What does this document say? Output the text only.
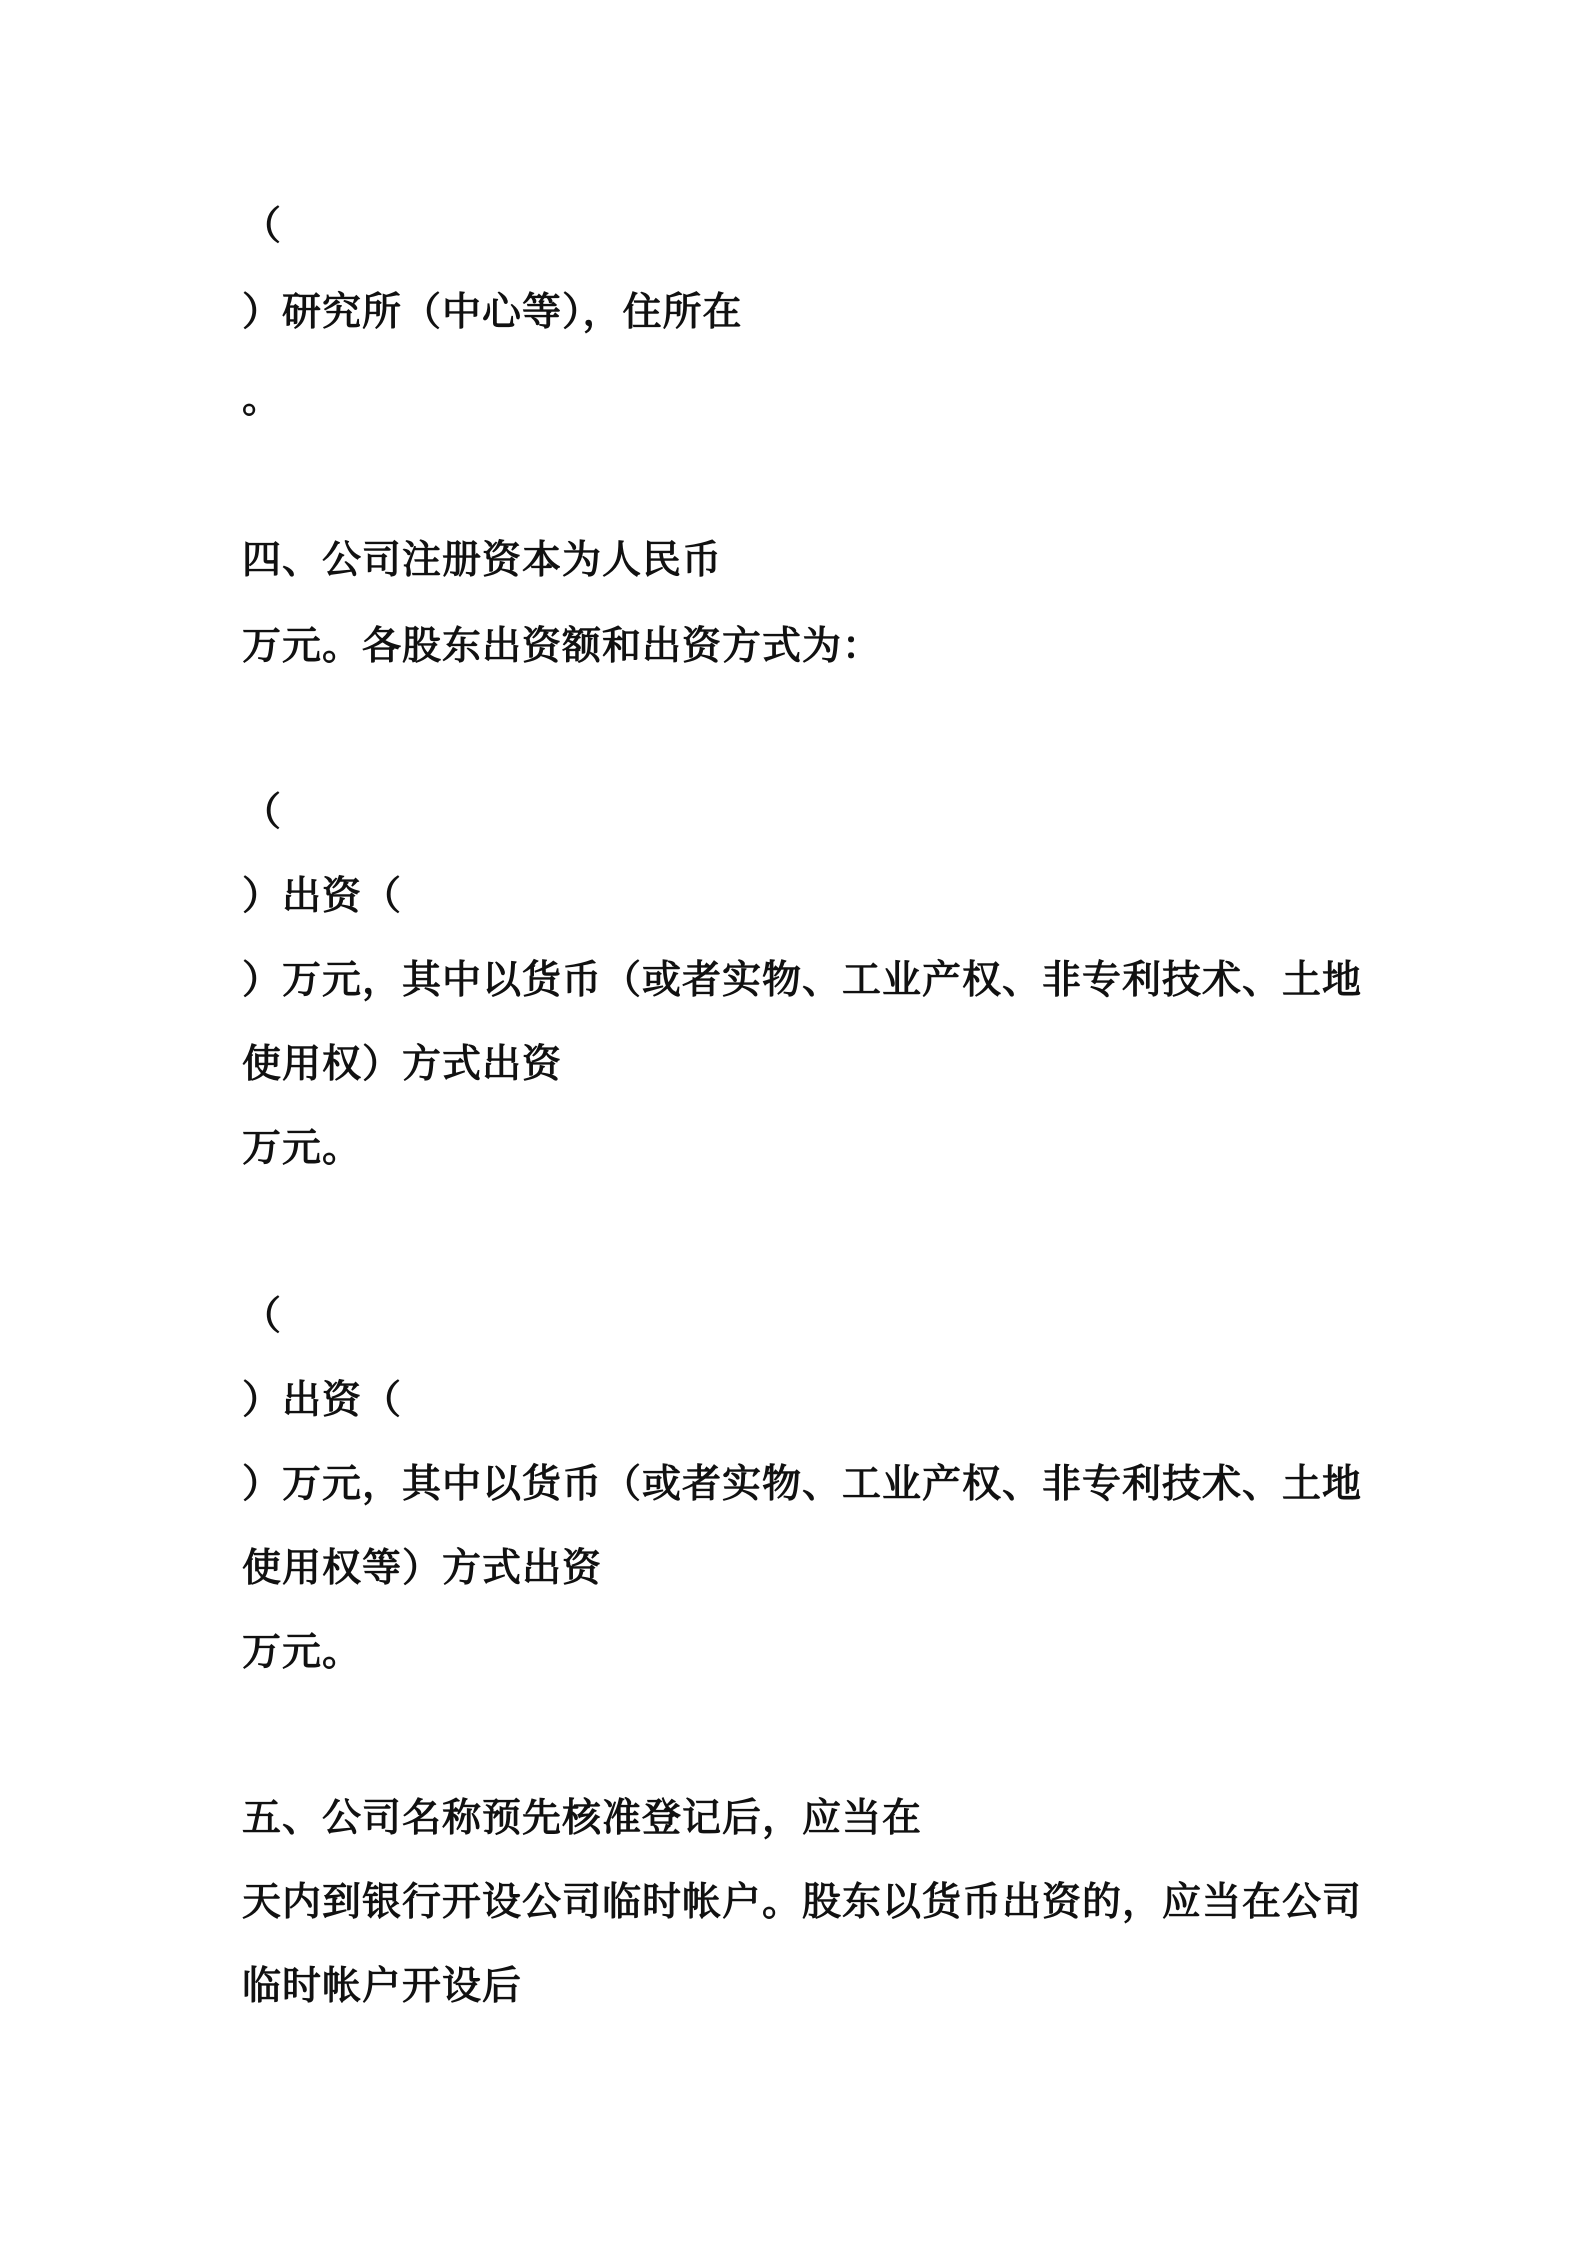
（
）研究所（中心等），住所在
。
四、公司注册资本为人民币
万元。各股东出资额和出资方式为：
（
）出资（
）万元，其中以货币（或者实物、工业产权、非专利技术、土地
使用权）方式出资
万元。
（
）出资（
）万元，其中以货币（或者实物、工业产权、非专利技术、土地
使用权等）方式出资
万元。
五、公司名称预先核准登记后，应当在
天内到银行开设公司临时帐户。股东以货币出资的，应当在公司
临时帐户开设后
